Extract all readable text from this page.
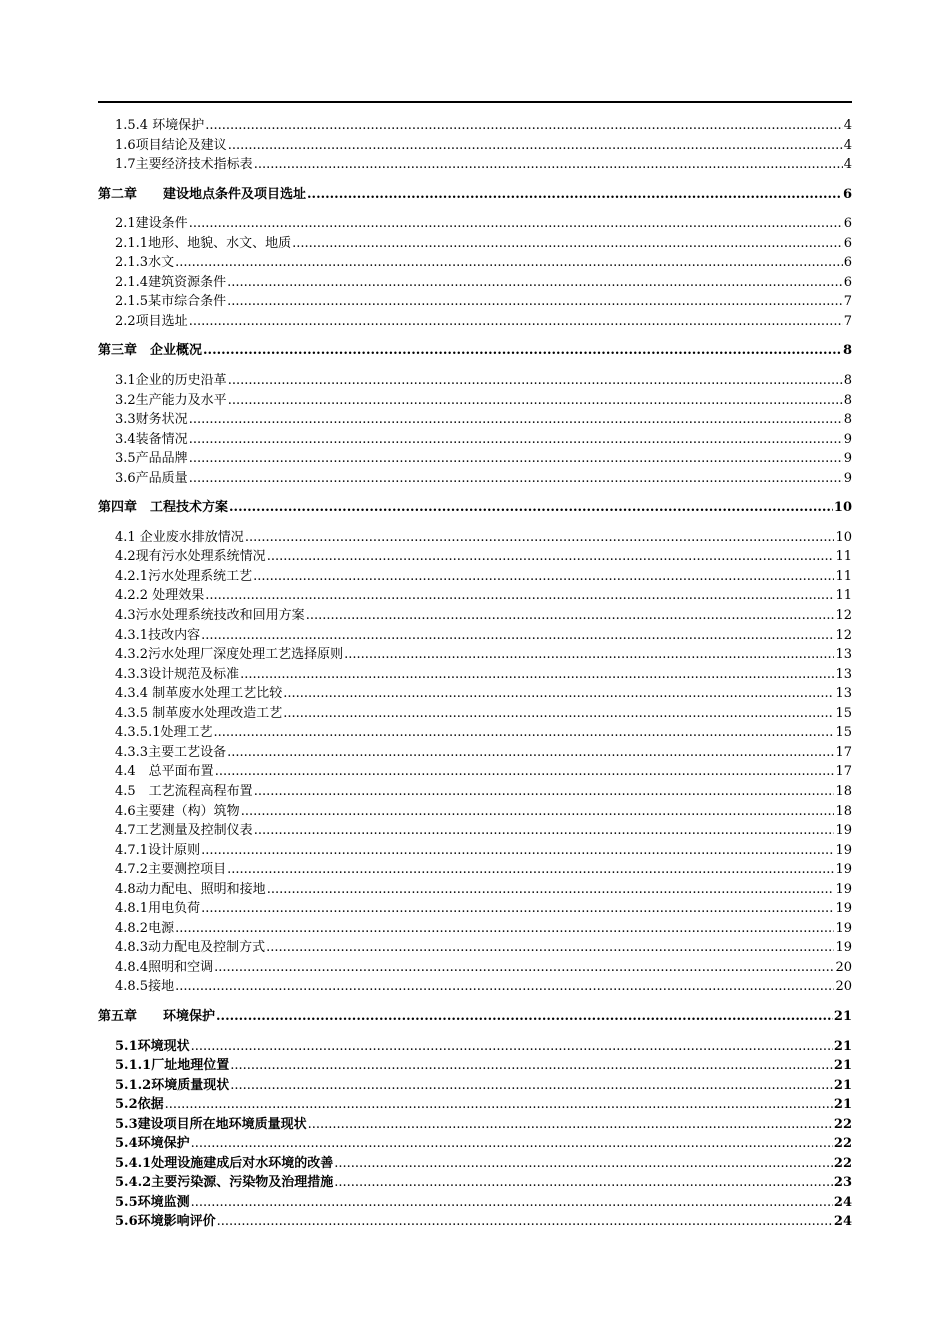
1.5.4 环境保护 .....	4
1.6项目结论及建议 .....	4
1.7主要经济技术指标表 .....	4
第二章　　建设地点条件及项目选址 .....	6
2.1建设条件 .....	6
2.1.1地形、地貌、水文、地质 .....	6
2.1.3水文 .....	6
2.1.4建筑资源条件 .....	6
2.1.5某市综合条件 .....	7
2.2项目选址 .....	7
第三章　企业概况 .....	8
3.1企业的历史沿革 .....	8
3.2生产能力及水平 .....	8
3.3财务状况 .....	8
3.4装备情况 .....	9
3.5产品品牌 .....	9
3.6产品质量 .....	9
第四章　工程技术方案 .....	10
4.1 企业废水排放情况 .....	10
4.2现有污水处理系统情况 .....	11
4.2.1污水处理系统工艺 .....	11
4.2.2 处理效果 .....	11
4.3污水处理系统技改和回用方案 .....	12
4.3.1技改内容 .....	12
4.3.2污水处理厂深度处理工艺选择原则 .....	13
4.3.3设计规范及标准 .....	13
4.3.4 制革废水处理工艺比较 .....	13
4.3.5 制革废水处理改造工艺 .....	15
4.3.5.1处理工艺 .....	15
4.3.3主要工艺设备 .....	17
4.4　总平面布置 .....	17
4.5　工艺流程高程布置 .....	18
4.6主要建（构）筑物 .....	18
4.7工艺测量及控制仪表 .....	19
4.7.1设计原则 .....	19
4.7.2主要测控项目 .....	19
4.8动力配电、照明和接地 .....	19
4.8.1用电负荷 .....	19
4.8.2电源 .....	19
4.8.3动力配电及控制方式 .....	19
4.8.4照明和空调 .....	20
4.8.5接地 .....	20
第五章　　环境保护 .....	21
5.1环境现状 .....	21
5.1.1厂址地理位置 .....	21
5.1.2环境质量现状 .....	21
5.2依据 .....	21
5.3建设项目所在地环境质量现状 .....	22
5.4环境保护 .....	22
5.4.1处理设施建成后对水环境的改善 .....	22
5.4.2主要污染源、污染物及治理措施 .....	23
5.5环境监测 .....	24
5.6环境影响评价 .....	24
